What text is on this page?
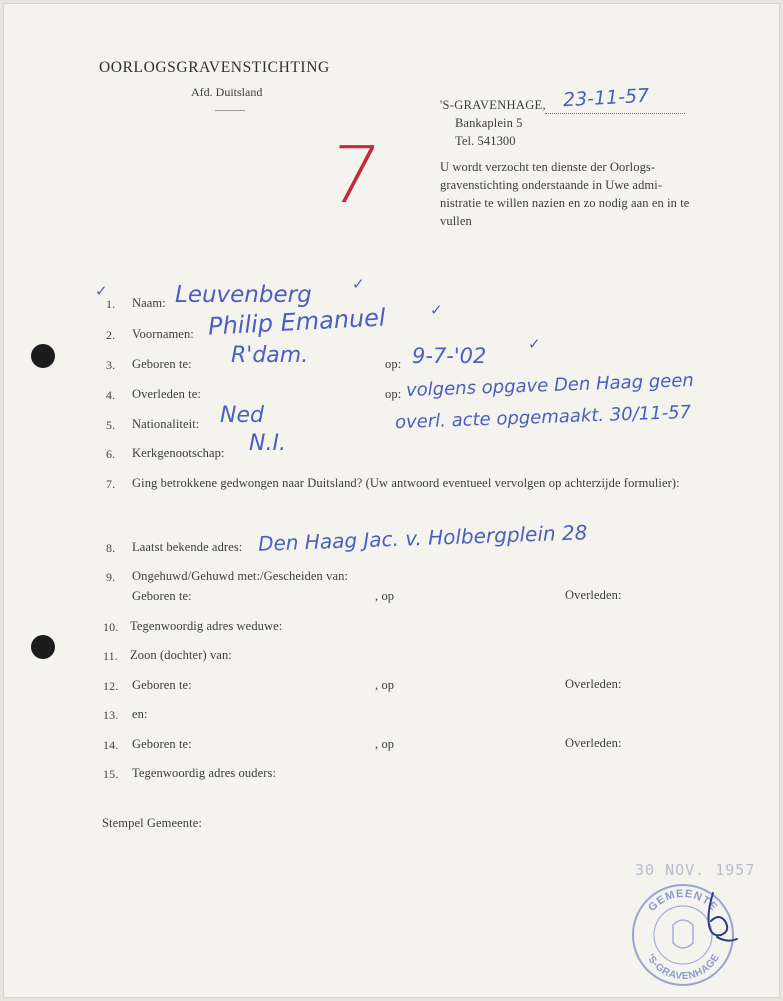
OORLOGSGRAVENSTICHTING
Afd. Duitsland
'S-GRAVENHAGE, 23-11-57
Bankaplein 5
Tel. 541300
U wordt verzocht ten dienste der Oorlogsgravenstichting onderstaande in Uwe administratie te willen nazien en zo nodig aan en in te vullen
7
✓	✓
✓
✓
1. Naam: Leuvenberg
2. Voornamen: Philip Emanuel
3. Geboren te: R'dam.	op: 9-7-'02
4. Overleden te:	op: volgens opgave Den Haag geen
overl. acte opgemaakt. 30/11-57
5. Nationaliteit: Ned
6. Kerkgenootschap: N.I.
7. Ging betrokkene gedwongen naar Duitsland? (Uw antwoord eventueel vervolgen op achterzijde formulier):
8. Laatst bekende adres: Den Haag Jac. v. Holbergplein 28
9. Ongehuwd/Gehuwd met:/Gescheiden van:
Geboren te:	, op	Overleden:
10. Tegenwoordig adres weduwe:
11. Zoon (dochter) van:
12. Geboren te:	, op	Overleden:
13. en:
14. Geboren te:	, op	Overleden:
15. Tegenwoordig adres ouders:
Stempel Gemeente:
30 NOV. 1957
GEMEENTE
'S-GRAVENHAGE
